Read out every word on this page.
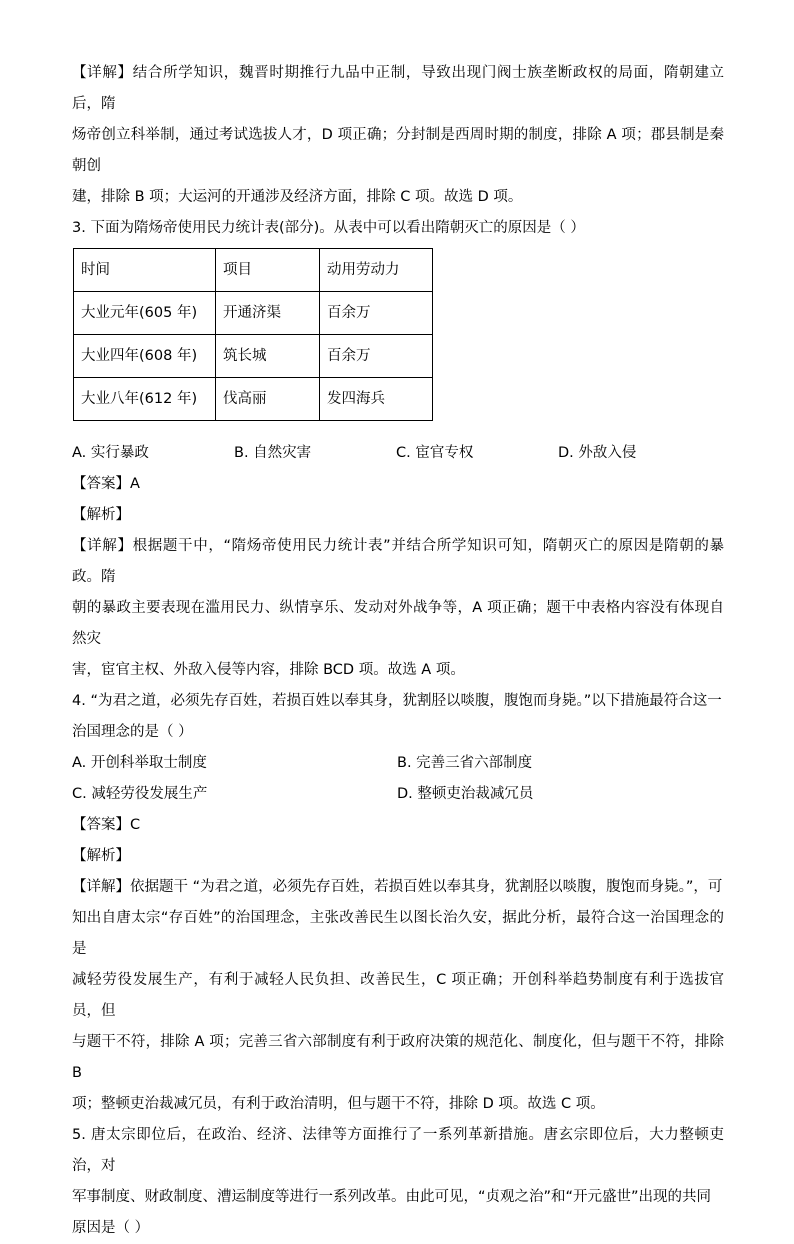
【详解】结合所学知识，魏晋时期推行九品中正制，导致出现门阀士族垄断政权的局面，隋朝建立后，隋

炀帝创立科举制，通过考试选拔人才，D 项正确；分封制是西周时期的制度，排除 A 项；郡县制是秦朝创

建，排除 B 项；大运河的开通涉及经济方面，排除 C 项。故选 D 项。

3. 下面为隋炀帝使用民力统计表(部分)。从表中可以看出隋朝灭亡的原因是（ ）

时间	项目	动用劳动力
大业元年(605 年)	开通济渠	百余万
大业四年(608 年)	筑长城	百余万
大业八年(612 年)	伐高丽	发四海兵
A. 实行暴政	B. 自然灾害	C. 宦官专权	D. 外敌入侵

【答案】A

【解析】

【详解】根据题干中，“隋炀帝使用民力统计表”并结合所学知识可知，隋朝灭亡的原因是隋朝的暴政。隋

朝的暴政主要表现在滥用民力、纵情享乐、发动对外战争等，A 项正确；题干中表格内容没有体现自然灾

害，宦官主权、外敌入侵等内容，排除 BCD 项。故选 A 项。

4. “为君之道，必须先存百姓，若损百姓以奉其身，犹割胫以啖腹，腹饱而身毙。”以下措施最符合这一

治国理念的是（ ）

A. 开创科举取士制度	B. 完善三省六部制度
C. 减轻劳役发展生产	D. 整顿吏治裁减冗员

【答案】C

【解析】

【详解】依据题干 “为君之道，必须先存百姓，若损百姓以奉其身，犹割胫以啖腹，腹饱而身毙。”，可

知出自唐太宗“存百姓”的治国理念，主张改善民生以图长治久安，据此分析，最符合这一治国理念的是

减轻劳役发展生产，有利于减轻人民负担、改善民生，C 项正确；开创科举趋势制度有利于选拔官员，但

与题干不符，排除 A 项；完善三省六部制度有利于政府决策的规范化、制度化，但与题干不符，排除 B

项；整顿吏治裁减冗员，有利于政治清明，但与题干不符，排除 D 项。故选 C 项。

5. 唐太宗即位后，在政治、经济、法律等方面推行了一系列革新措施。唐玄宗即位后，大力整顿吏治，对

军事制度、财政制度、漕运制度等进行一系列改革。由此可见，“贞观之治”和“开元盛世”出现的共同

原因是（ ）
